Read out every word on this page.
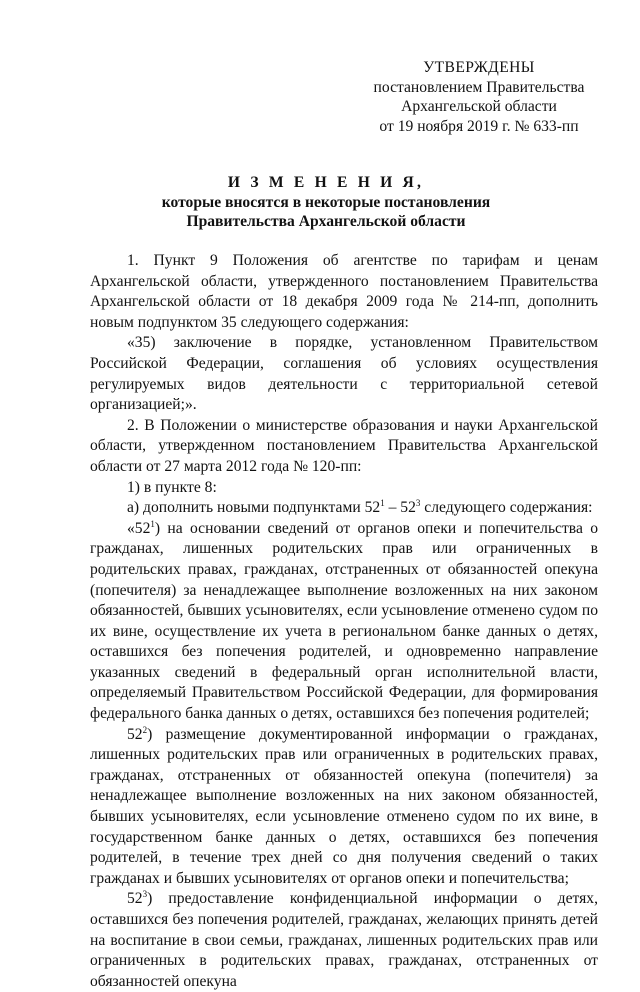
УТВЕРЖДЕНЫ
постановлением Правительства
Архангельской области
от 19 ноября 2019 г. № 633-пп
И З М Е Н Е Н И Я,
которые вносятся в некоторые постановления
Правительства Архангельской области

1. Пункт 9 Положения об агентстве по тарифам и ценам Архангельской области, утвержденного постановлением Правительства Архангельской области от 18 декабря 2009 года № 214-пп, дополнить новым подпунктом 35 следующего содержания:

«35) заключение в порядке, установленном Правительством Российской Федерации, соглашения об условиях осуществления регулируемых видов деятельности с территориальной сетевой организацией;».

2. В Положении о министерстве образования и науки Архангельской области, утвержденном постановлением Правительства Архангельской области от 27 марта 2012 года № 120-пп:

1) в пункте 8:

а) дополнить новыми подпунктами $52^1 - 52^3$ следующего содержания:

«$52^1$) на основании сведений от органов опеки и попечительства о гражданах, лишенных родительских прав или ограниченных в родительских правах, гражданах, отстраненных от обязанностей опекуна (попечителя) за ненадлежащее выполнение возложенных на них законом обязанностей, бывших усыновителях, если усыновление отменено судом по их вине, осуществление их учета в региональном банке данных о детях, оставшихся без попечения родителей, и одновременно направление указанных сведений в федеральный орган исполнительной власти, определяемый Правительством Российской Федерации, для формирования федерального банка данных о детях, оставшихся без попечения родителей;

$52^2$) размещение документированной информации о гражданах, лишенных родительских прав или ограниченных в родительских правах, гражданах, отстраненных от обязанностей опекуна (попечителя) за ненадлежащее выполнение возложенных на них законом обязанностей, бывших усыновителях, если усыновление отменено судом по их вине, в государственном банке данных о детях, оставшихся без попечения родителей, в течение трех дней со дня получения сведений о таких гражданах и бывших усыновителях от органов опеки и попечительства;

$52^3$) предоставление конфиденциальной информации о детях, оставшихся без попечения родителей, гражданах, желающих принять детей на воспитание в свои семьи, гражданах, лишенных родительских прав или ограниченных в родительских правах, гражданах, отстраненных от обязанностей опекуна
